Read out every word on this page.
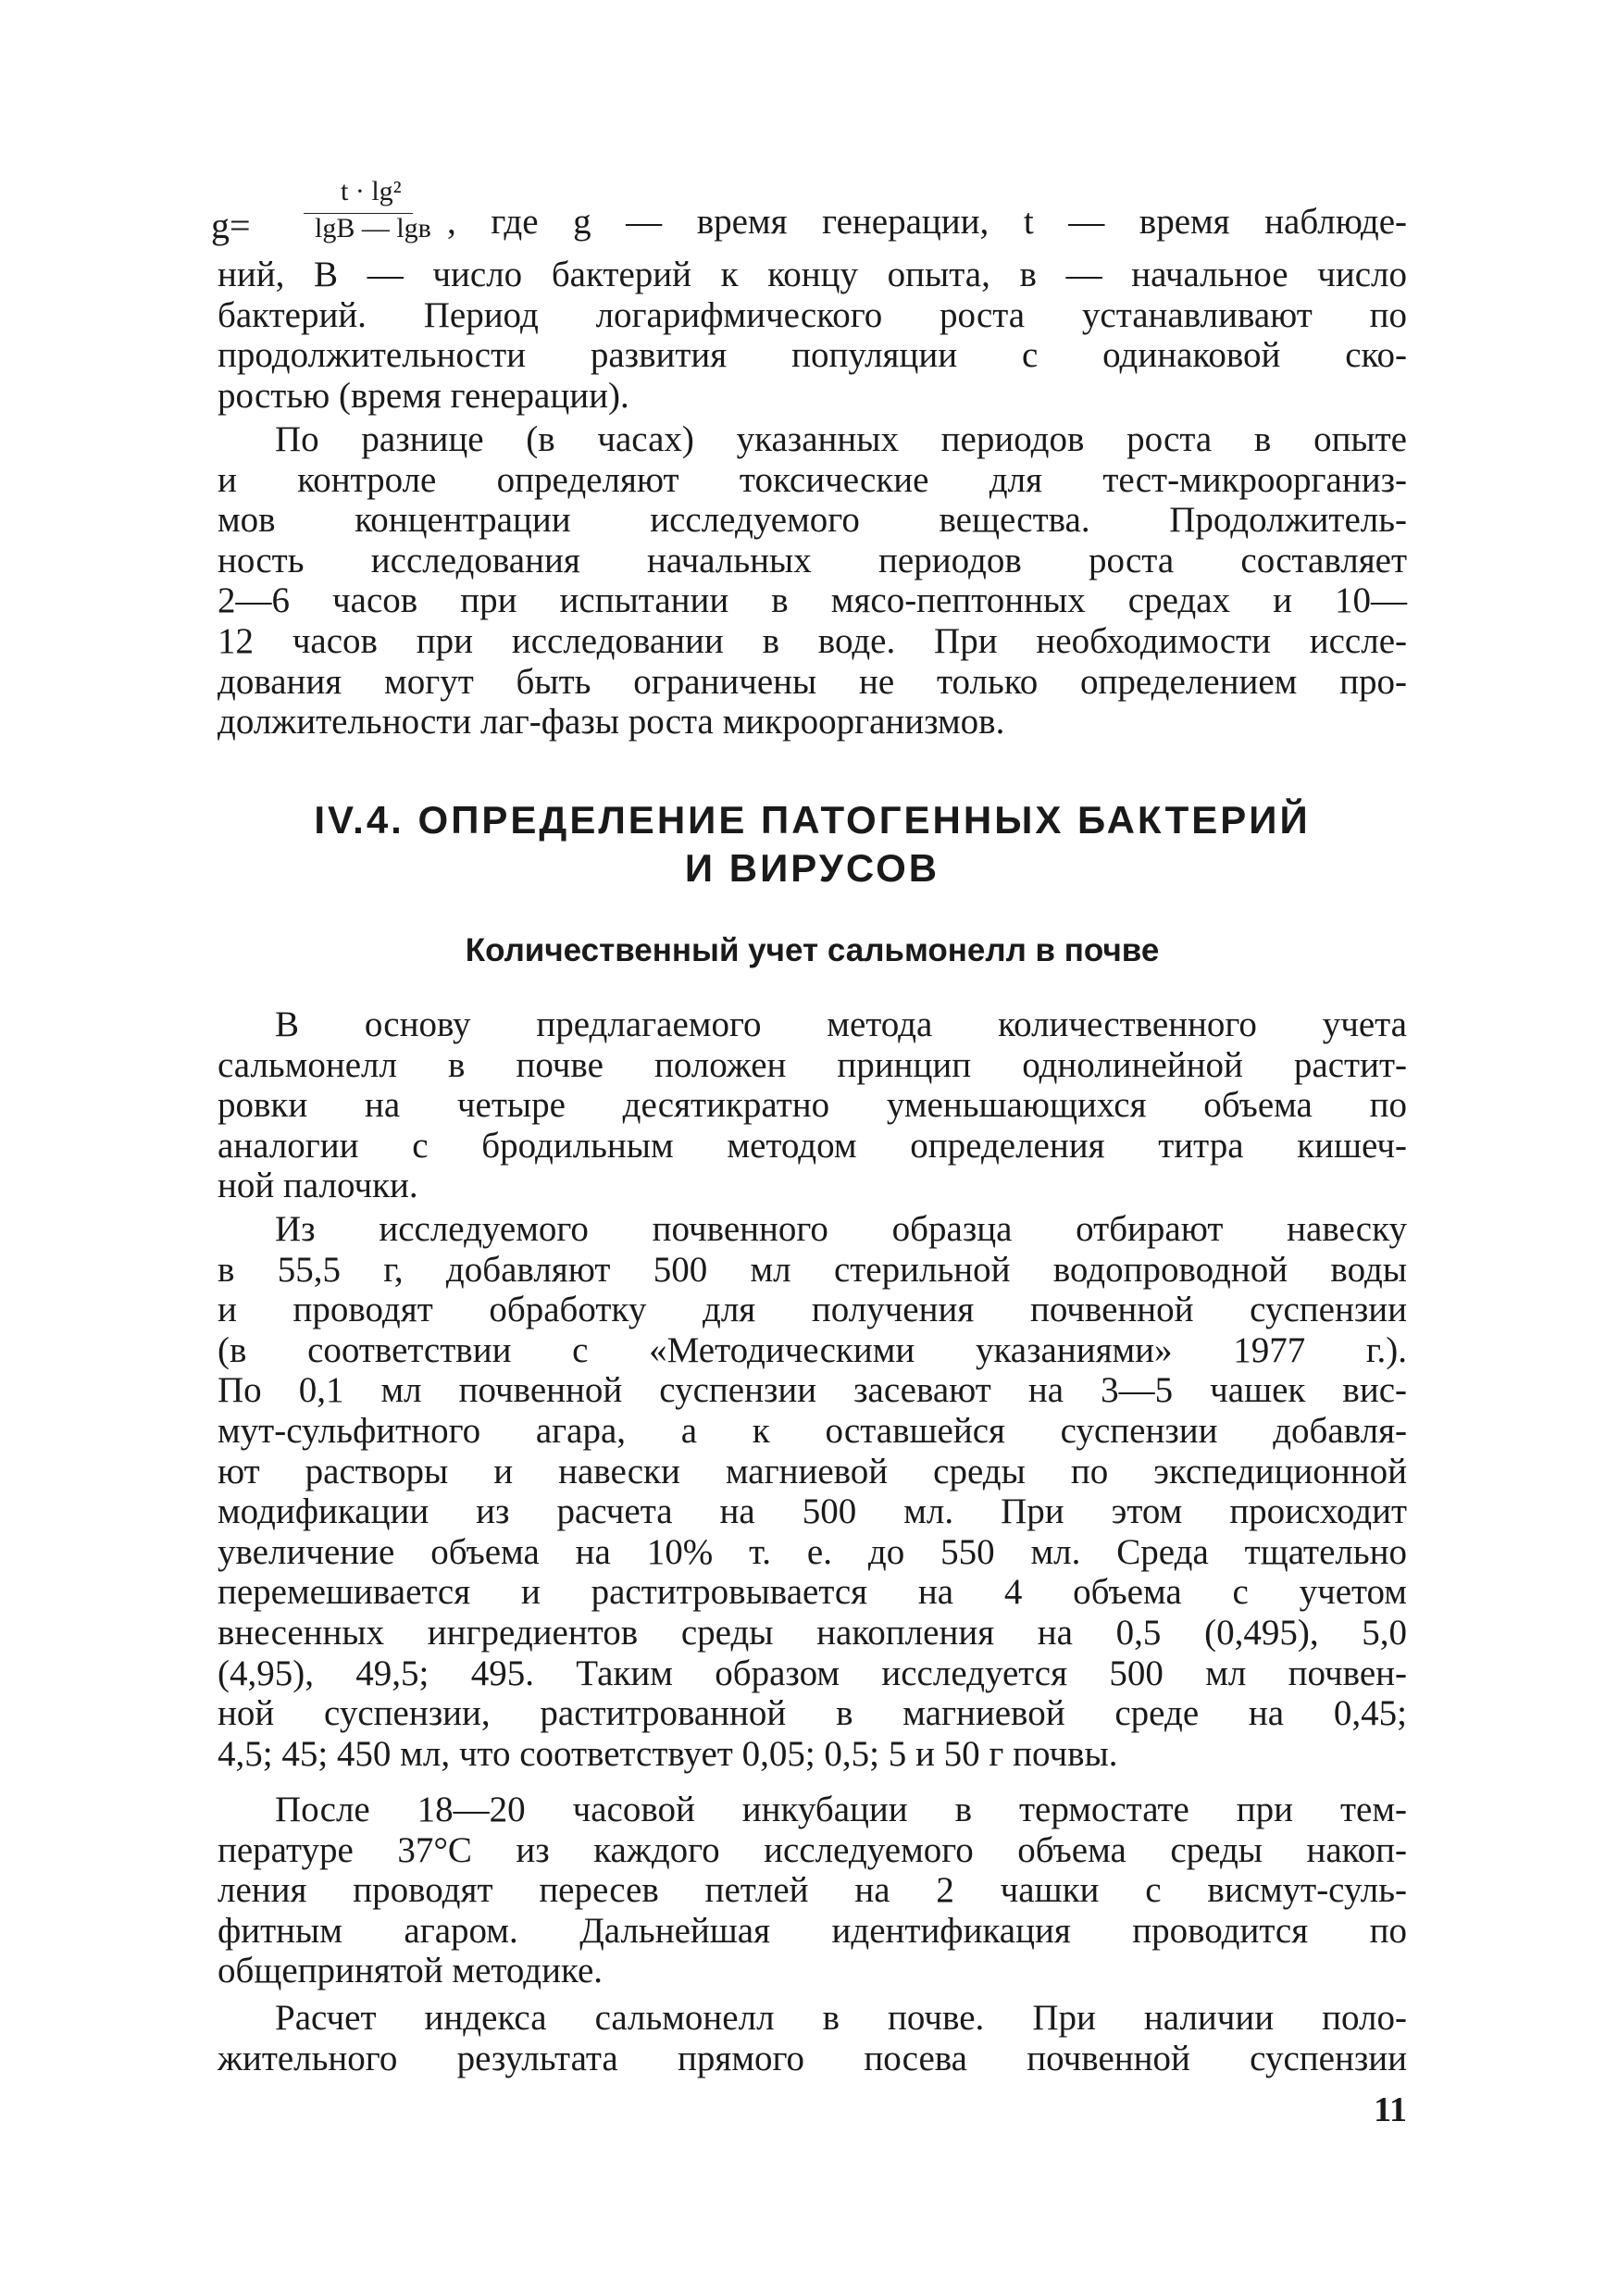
g=
t · lg²
lgB — lgв , где g — время генерации, t — время наблюде-
ний, B — число бактерий к концу опыта, в — начальное число
бактерий. Период логарифмического роста устанавливают по
продолжительности развития популяции с одинаковой ско-
ростью (время генерации).
По разнице (в часах) указанных периодов роста в опыте
и контроле определяют токсические для тест-микроорганиз-
мов концентрации исследуемого вещества. Продолжитель-
ность исследования начальных периодов роста составляет
2—6 часов при испытании в мясо-пептонных средах и 10—
12 часов при исследовании в воде. При необходимости иссле-
дования могут быть ограничены не только определением про-
должительности лаг-фазы роста микроорганизмов.
IV.4. ОПРЕДЕЛЕНИЕ ПАТОГЕННЫХ БАКТЕРИЙ
И ВИРУСОВ
Количественный учет сальмонелл в почве
В основу предлагаемого метода количественного учета
сальмонелл в почве положен принцип однолинейной растит-
ровки на четыре десятикратно уменьшающихся объема по
аналогии с бродильным методом определения титра кишеч-
ной палочки.
Из исследуемого почвенного образца отбирают навеску
в 55,5 г, добавляют 500 мл стерильной водопроводной воды
и проводят обработку для получения почвенной суспензии
(в соответствии с «Методическими указаниями» 1977 г.).
По 0,1 мл почвенной суспензии засевают на 3—5 чашек вис-
мут-сульфитного агара, а к оставшейся суспензии добавля-
ют растворы и навески магниевой среды по экспедиционной
модификации из расчета на 500 мл. При этом происходит
увеличение объема на 10% т. е. до 550 мл. Среда тщательно
перемешивается и раститровывается на 4 объема с учетом
внесенных ингредиентов среды накопления на 0,5 (0,495), 5,0
(4,95), 49,5; 495. Таким образом исследуется 500 мл почвен-
ной суспензии, раститрованной в магниевой среде на 0,45;
4,5; 45; 450 мл, что соответствует 0,05; 0,5; 5 и 50 г почвы.
После 18—20 часовой инкубации в термостате при тем-
пературе 37°С из каждого исследуемого объема среды накоп-
ления проводят пересев петлей на 2 чашки с висмут-суль-
фитным агаром. Дальнейшая идентификация проводится по
общепринятой методике.
Расчет индекса сальмонелл в почве. При наличии поло-
жительного результата прямого посева почвенной суспензии
11
